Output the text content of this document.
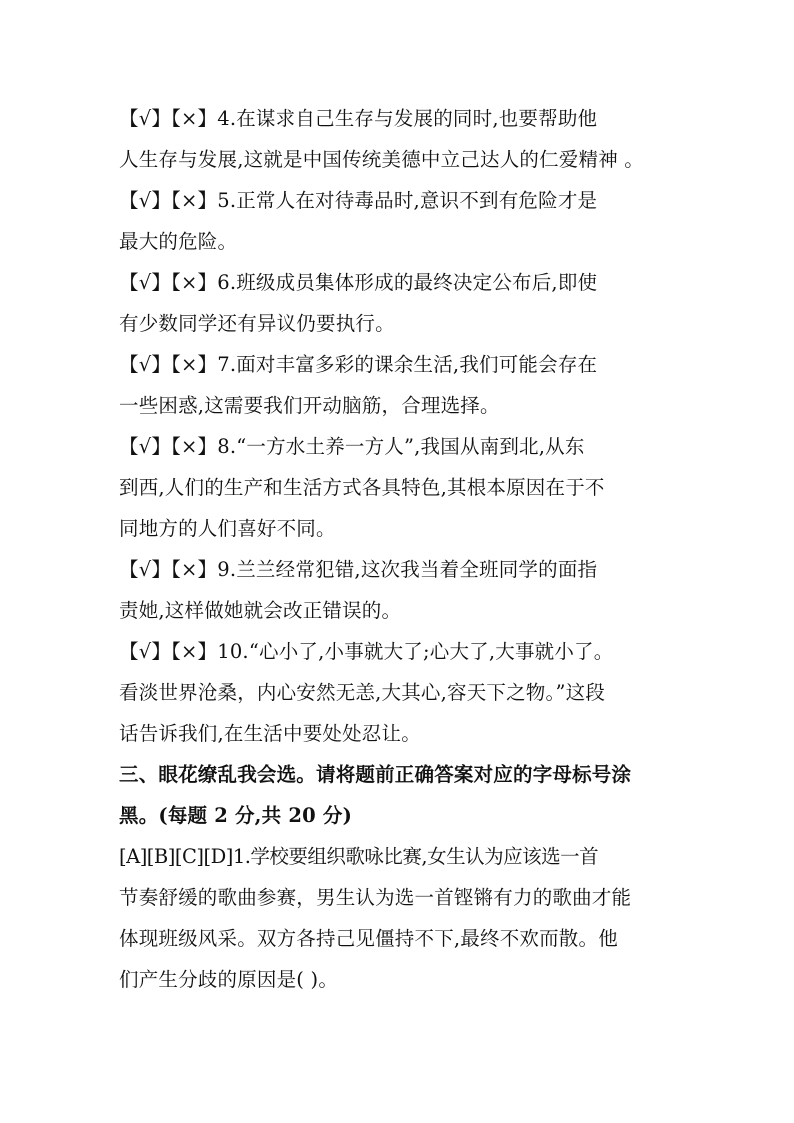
【√】【×】4.在谋求自己生存与发展的同时,也要帮助他
人生存与发展,这就是中国传统美德中立己达人的仁爱精神 。
【√】【×】5.正常人在对待毒品时,意识不到有危险才是
最大的危险。
【√】【×】6.班级成员集体形成的最终决定公布后,即使
有少数同学还有异议仍要执行。
【√】【×】7.面对丰富多彩的课余生活,我们可能会存在
一些困惑,这需要我们开动脑筋，合理选择。
【√】【×】8.“一方水土养一方人”,我国从南到北,从东
到西,人们的生产和生活方式各具特色,其根本原因在于不
同地方的人们喜好不同。
【√】【×】9.兰兰经常犯错,这次我当着全班同学的面指
责她,这样做她就会改正错误的。
【√】【×】10.“心小了,小事就大了;心大了,大事就小了。
看淡世界沧桑，内心安然无恙,大其心,容天下之物。”这段
话告诉我们,在生活中要处处忍让。
三、眼花缭乱我会选。请将题前正确答案对应的字母标号涂
黑。(每题 2 分,共 20 分)
[A][B][C][D]1.学校要组织歌咏比赛,女生认为应该选一首
节奏舒缓的歌曲参赛，男生认为选一首铿锵有力的歌曲才能
体现班级风采。双方各持己见僵持不下,最终不欢而散。他
们产生分歧的原因是( )。
